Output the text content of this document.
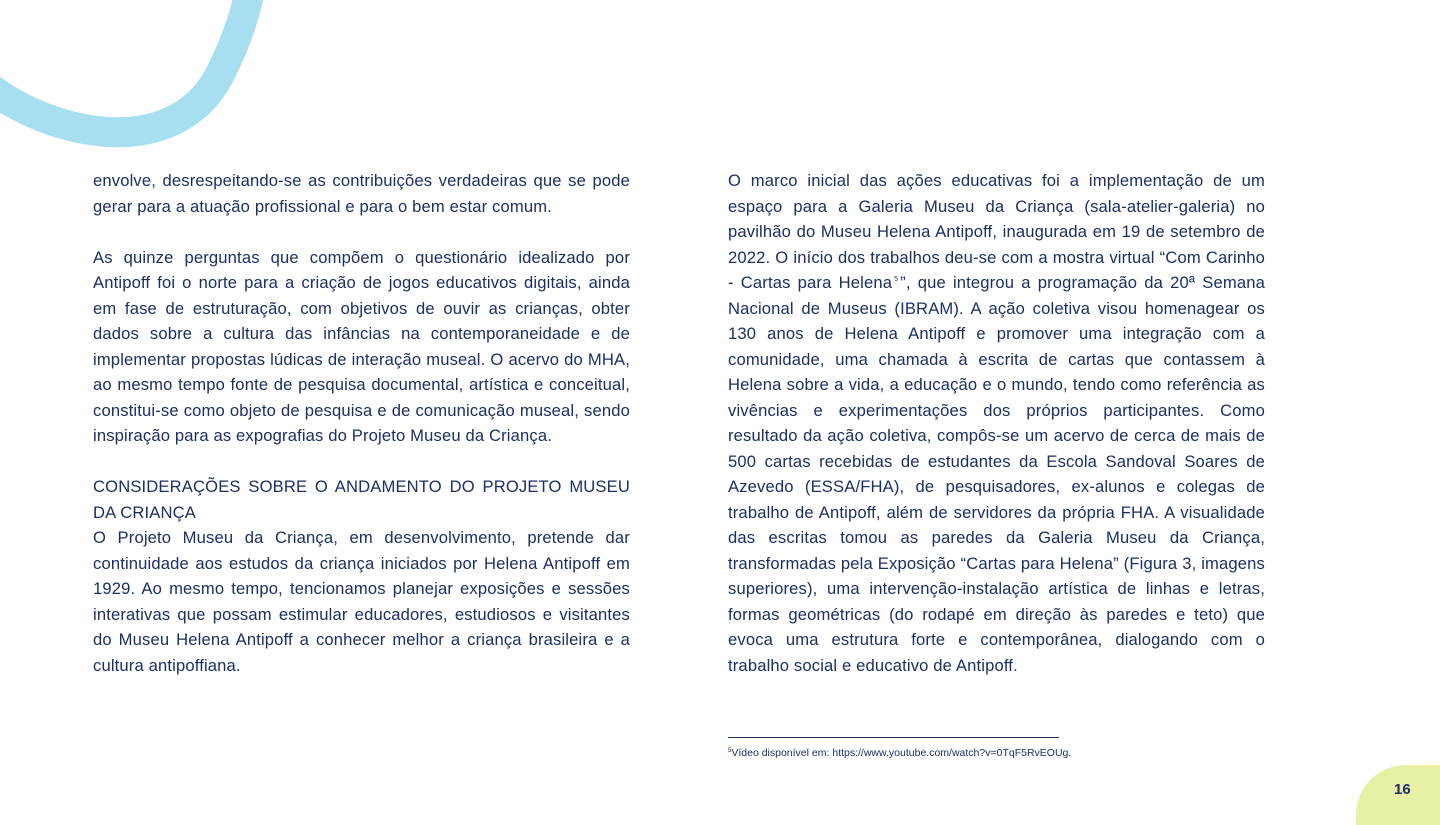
envolve, desrespeitando-se as contribuições verdadeiras que se pode gerar para a atuação profissional e para o bem estar comum.

As quinze perguntas que compõem o questionário idealizado por Antipoff foi o norte para a criação de jogos educativos digitais, ainda em fase de estruturação, com objetivos de ouvir as crianças, obter dados sobre a cultura das infâncias na contemporaneidade e de implementar propostas lúdicas de interação museal. O acervo do MHA, ao mesmo tempo fonte de pesquisa documental, artística e conceitual, constitui-se como objeto de pesquisa e de comunicação museal, sendo inspiração para as expografias do Projeto Museu da Criança.

CONSIDERAÇÕES SOBRE O ANDAMENTO DO PROJETO MUSEU DA CRIANÇA

O Projeto Museu da Criança, em desenvolvimento, pretende dar continuidade aos estudos da criança iniciados por Helena Antipoff em 1929. Ao mesmo tempo, tencionamos planejar exposições e sessões interativas que possam estimular educadores, estudiosos e visitantes do Museu Helena Antipoff a conhecer melhor a criança brasileira e a cultura antipoffiana.

O marco inicial das ações educativas foi a implementação de um espaço para a Galeria Museu da Criança (sala-atelier-galeria) no pavilhão do Museu Helena Antipoff, inaugurada em 19 de setembro de 2022. O início dos trabalhos deu-se com a mostra virtual “Com Carinho - Cartas para Helena $^5$ ”, que integrou a programação da 20ª Semana Nacional de Museus (IBRAM). A ação coletiva visou homenagear os 130 anos de Helena Antipoff e promover uma integração com a comunidade, uma chamada à escrita de cartas que contassem à Helena sobre a vida, a educação e o mundo, tendo como referência as vivências e experimentações dos próprios participantes. Como resultado da ação coletiva, compôs-se um acervo de cerca de mais de 500 cartas recebidas de estudantes da Escola Sandoval Soares de Azevedo (ESSA/FHA), de pesquisadores, ex-alunos e colegas de trabalho de Antipoff, além de servidores da própria FHA. A visualidade das escritas tomou as paredes da Galeria Museu da Criança, transformadas pela Exposição “Cartas para Helena” (Figura 3, imagens superiores), uma intervenção-instalação artística de linhas e letras, formas geométricas (do rodapé em direção às paredes e teto) que evoca uma estrutura forte e contemporânea, dialogando com o trabalho social e educativo de Antipoff.

$^5$Vídeo disponível em: https://www.youtube.com/watch?v=0TqF5RvEOUg.
16
